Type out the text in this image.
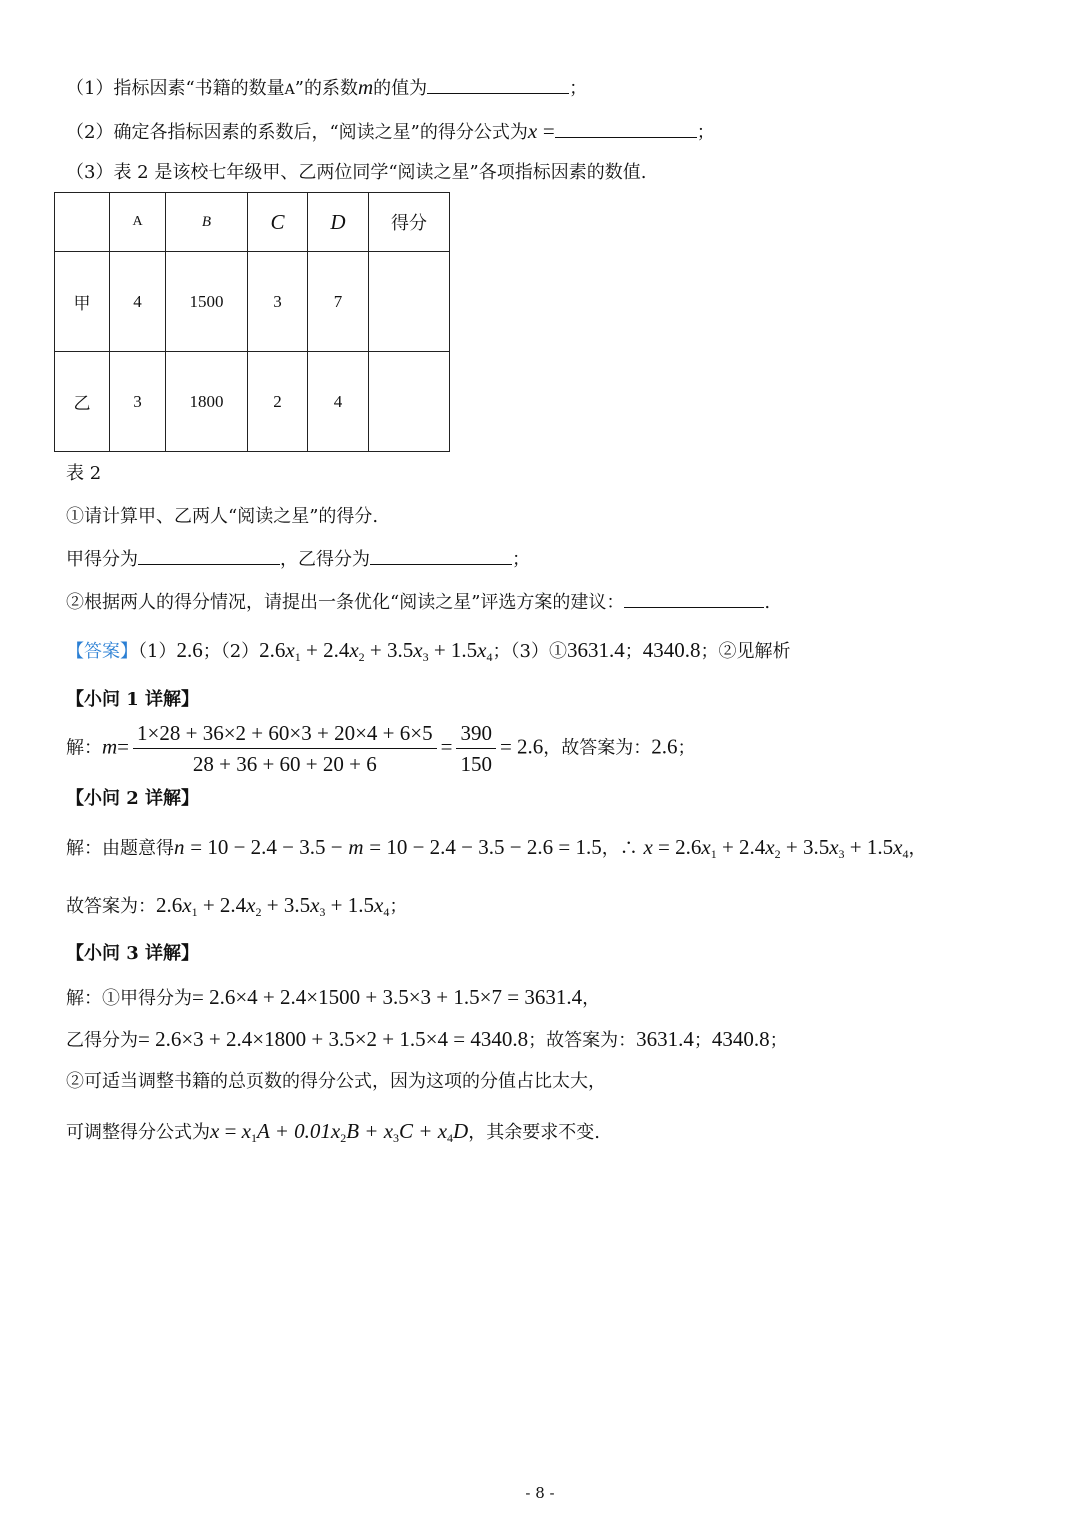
（1）指标因素“书籍的数量A”的系数m的值为	；
（2）确定各指标因素的系数后，“阅读之星”的得分公式为x =	；
（3）表 2 是该校七年级甲、乙两位同学“阅读之星”各项指标因素的数值.
	A	B	C	D	得分
甲	4	1500	3	7	
乙	3	1800	2	4	
表 2
①请计算甲、乙两人“阅读之星”的得分.
甲得分为	，乙得分为	；
②根据两人的得分情况，请提出一条优化“阅读之星”评选方案的建议：	.
【答案】（1）2.6；$(2)2.6x_1 + 2.4x_2 + 3.5x_3 + 1.5x_4$；（3）①3631.4；4340.8；②见解析
【小问 1 详解】
解：$m= \frac{1\times 28 + 36\times 2 + 60\times 3 + 20\times 4 + 6\times 5}{28 + 36 + 60 + 20 + 6} = \frac{390}{150} = 2.6$，故答案为：2.6；
【小问 2 详解】
解：由题意得n = 10 − 2.4 − 3.5 − m = 10 − 2.4 − 3.5 − 2.6 = 1.5，∴ $x = 2.6x_1 + 2.4x_2 + 3.5x_3 + 1.5x_4$，
故答案为：$2.6x_1 + 2.4x_2 + 3.5x_3 + 1.5x_4$；
【小问 3 详解】
解：①甲得分为= 2.6×4 + 2.4×1500 + 3.5×3 + 1.5×7 = 3631.4，
乙得分为= 2.6×3 + 2.4×1800 + 3.5×2 + 1.5×4 = 4340.8；故答案为：3631.4；4340.8；
②可适当调整书籍的总页数的得分公式，因为这项的分值占比太大，
可调整得分公式为$x = x_1A + 0.01x_2B + x_3C + x_4D$，其余要求不变.
- 8 -
